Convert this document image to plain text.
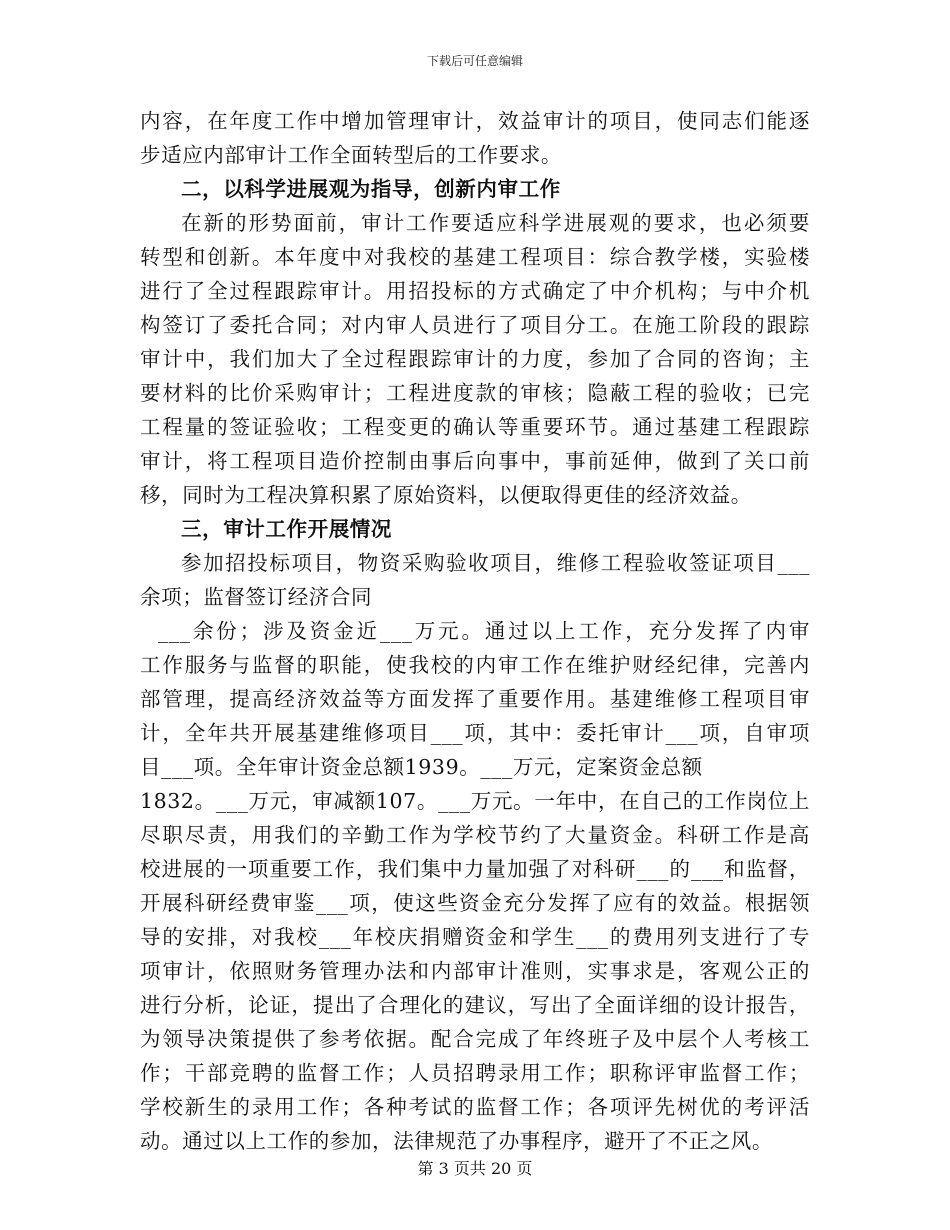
下载后可任意编辑
内容，在年度工作中增加管理审计，效益审计的项目，使同志们能逐
步适应内部审计工作全面转型后的工作要求。
二，以科学进展观为指导，创新内审工作
在新的形势面前，审计工作要适应科学进展观的要求，也必须要
转型和创新。本年度中对我校的基建工程项目：综合教学楼，实验楼
进行了全过程跟踪审计。用招投标的方式确定了中介机构；与中介机
构签订了委托合同；对内审人员进行了项目分工。在施工阶段的跟踪
审计中，我们加大了全过程跟踪审计的力度，参加了合同的咨询；主
要材料的比价采购审计；工程进度款的审核；隐蔽工程的验收；已完
工程量的签证验收；工程变更的确认等重要环节。通过基建工程跟踪
审计，将工程项目造价控制由事后向事中，事前延伸，做到了关口前
移，同时为工程决算积累了原始资料，以便取得更佳的经济效益。
三，审计工作开展情况
参加招投标项目，物资采购验收项目，维修工程验收签证项目___
余项；监督签订经济合同
___余份；涉及资金近___万元。通过以上工作，充分发挥了内审
工作服务与监督的职能，使我校的内审工作在维护财经纪律，完善内
部管理，提高经济效益等方面发挥了重要作用。基建维修工程项目审
计，全年共开展基建维修项目___项，其中：委托审计___项，自审项
目___项。全年审计资金总额1939。___万元，定案资金总额
1832。___万元，审减额107。___万元。一年中，在自己的工作岗位上
尽职尽责，用我们的辛勤工作为学校节约了大量资金。科研工作是高
校进展的一项重要工作，我们集中力量加强了对科研___的___和监督，
开展科研经费审鉴___项，使这些资金充分发挥了应有的效益。根据领
导的安排，对我校___年校庆捐赠资金和学生___的费用列支进行了专
项审计，依照财务管理办法和内部审计准则，实事求是，客观公正的
进行分析，论证，提出了合理化的建议，写出了全面详细的设计报告，
为领导决策提供了参考依据。配合完成了年终班子及中层个人考核工
作；干部竞聘的监督工作；人员招聘录用工作；职称评审监督工作；
学校新生的录用工作；各种考试的监督工作；各项评先树优的考评活
动。通过以上工作的参加，法律规范了办事程序，避开了不正之风。
第 3 页共 20 页
